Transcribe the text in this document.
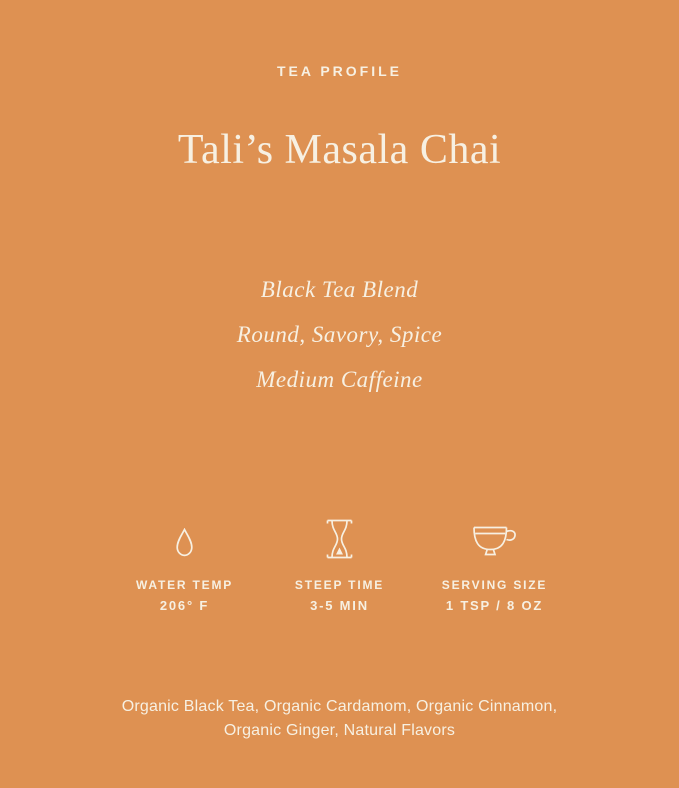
TEA PROFILE
Tali’s Masala Chai
Black Tea Blend
Round, Savory, Spice
Medium Caffeine
WATER TEMP
206° F
STEEP TIME
3-5 MIN
SERVING SIZE
1 TSP / 8 OZ

Organic Black Tea, Organic Cardamom, Organic Cinnamon, Organic Ginger, Natural Flavors
